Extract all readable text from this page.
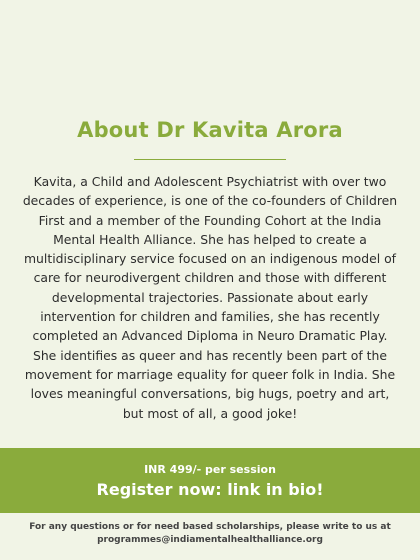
About Dr Kavita Arora

Kavita, a Child and Adolescent Psychiatrist with over two decades of experience, is one of the co-founders of Children First and a member of the Founding Cohort at the India Mental Health Alliance. She has helped to create a multidisciplinary service focused on an indigenous model of care for neurodivergent children and those with different developmental trajectories. Passionate about early intervention for children and families, she has recently completed an Advanced Diploma in Neuro Dramatic Play. She identifies as queer and has recently been part of the movement for marriage equality for queer folk in India. She loves meaningful conversations, big hugs, poetry and art, but most of all, a good joke!

INR 499/- per session
Register now: link in bio!

For any questions or for need based scholarships, please write to us at
programmes@indiamentalhealthalliance.org
